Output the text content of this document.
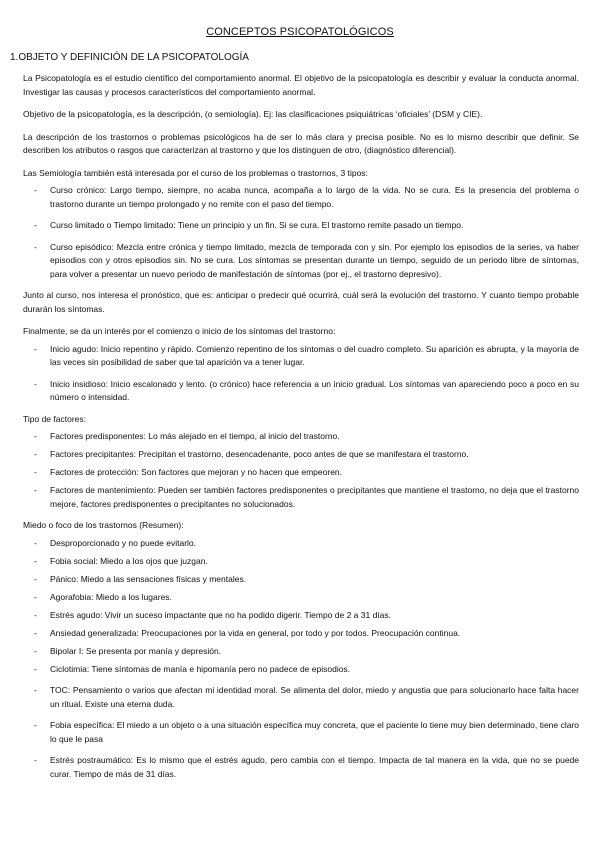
CONCEPTOS PSICOPATOLÓGICOS
1.OBJETO Y DEFINICIÓN DE LA PSICOPATOLOGÍA

La Psicopatología es el estudio científico del comportamiento anormal. El objetivo de la psicopatología es describir y evaluar la conducta anormal. Investigar las causas y procesos característicos del comportamiento anormal.

Objetivo de la psicopatología, es la descripción, (o semiología). Ej: las clasificaciones psiquiátricas ‘oficiales’ (DSM y CIE).

La descripción de los trastornos o problemas psicológicos ha de ser lo más clara y precisa posible. No es lo mismo describir que definir. Se describen los atributos o rasgos que caracterizan al trastorno y que los distinguen de otro, (diagnóstico diferencial).

Las Semiología también está interesada por el curso de los problemas o trastornos, 3 tipos:

- Curso crónico: Largo tiempo, siempre, no acaba nunca, acompaña a lo largo de la vida. No se cura. Es la presencia del problema o trastorno durante un tiempo prolongado y no remite con el paso del tiempo.
- Curso limitado o Tiempo limitado: Tiene un principio y un fin. Si se cura. El trastorno remite pasado un tiempo.
- Curso episódico: Mezcla entre crónica y tiempo limitado, mezcla de temporada con y sin. Por ejemplo los episodios de la series, va haber episodios con y otros episodios sin. No se cura. Los síntomas se presentan durante un tiempo, seguido de un periodo libre de síntomas, para volver a presentar un nuevo periodo de manifestación de síntomas (por ej., el trastorno depresivo).

Junto al curso, nos interesa el pronóstico, que es: anticipar o predecir qué ocurrirá, cuál será la evolución del trastorno. Y cuanto tiempo probable durarán los síntomas.

Finalmente, se da un interés por el comienzo o inicio de los síntomas del trastorno:

- Inicio agudo: Inicio repentino y rápido. Comienzo repentino de los síntomas o del cuadro completo. Su aparición es abrupta, y la mayoría de las veces sin posibilidad de saber que tal aparición va a tener lugar.
- Inicio insidioso: Inicio escalonado y lento. (o crónico) hace referencia a un inicio gradual. Los síntomas van apareciendo poco a poco en su número o intensidad.

Tipo de factores:

- Factores predisponentes: Lo más alejado en el tiempo, al inicio del trastorno.
- Factores precipitantes: Precipitan el trastorno, desencadenante, poco antes de que se manifestara el trastorno.
- Factores de protección: Son factores que mejoran y no hacen que empeoren.
- Factores de mantenimiento: Pueden ser también factores predisponentes o precipitantes que mantiene el trastorno, no deja que el trastorno mejore, factores predisponentes o precipitantes no solucionados.

Miedo o foco de los trastornos (Resumen):

- Desproporcionado y no puede evitarlo.
- Fobia social: Miedo a los ojos que juzgan.
- Pánico: Miedo a las sensaciones físicas y mentales.
- Agorafobia: Miedo a los lugares.
- Estrés agudo: Vivir un suceso impactante que no ha podido digerir. Tiempo de 2 a 31 días.
- Ansiedad generalizada: Preocupaciones por la vida en general, por todo y por todos. Preocupación continua.
- Bipolar I: Se presenta por manía y depresión.
- Ciclotimia: Tiene síntomas de manía e hipomanía pero no padece de episodios.
- TOC: Pensamiento o varios que afectan mi identidad moral. Se alimenta del dolor, miedo y angustia que para solucionarlo hace falta hacer un ritual. Existe una eterna duda.
- Fobia específica: El miedo a un objeto o a una situación específica muy concreta, que el paciente lo tiene muy bien determinado, tiene claro lo que le pasa
- Estrés postraumático: Es lo mismo que el estrés agudo, pero cambia con el tiempo. Impacta de tal manera en la vida, que no se puede curar. Tiempo de más de 31 días.
